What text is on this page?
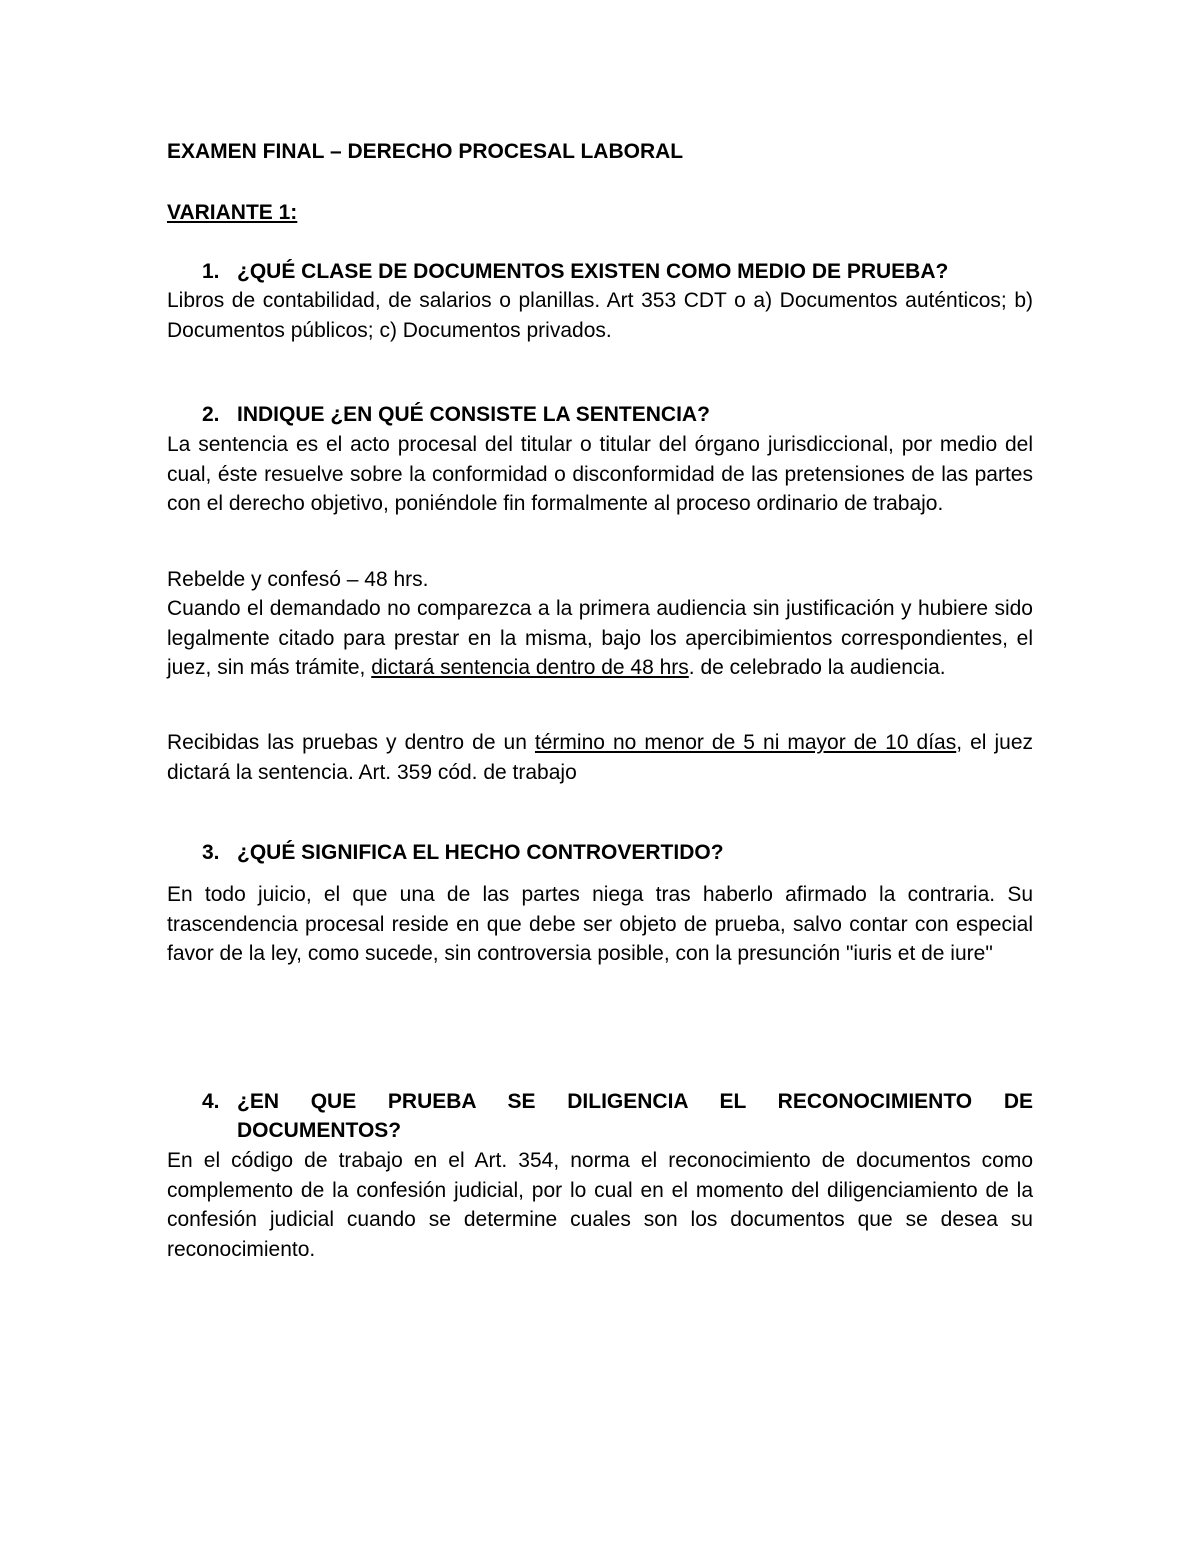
EXAMEN FINAL – DERECHO PROCESAL LABORAL
VARIANTE 1:
1. ¿QUÉ CLASE DE DOCUMENTOS EXISTEN COMO MEDIO DE PRUEBA?
Libros de contabilidad, de salarios o planillas. Art 353 CDT o a) Documentos auténticos; b) Documentos públicos; c) Documentos privados.
2. INDIQUE ¿EN QUÉ CONSISTE LA SENTENCIA?
La sentencia es el acto procesal del titular o titular del órgano jurisdiccional, por medio del cual, éste resuelve sobre la conformidad o disconformidad de las pretensiones de las partes con el derecho objetivo, poniéndole fin formalmente al proceso ordinario de trabajo.
Rebelde y confesó – 48 hrs.
Cuando el demandado no comparezca a la primera audiencia sin justificación y hubiere sido legalmente citado para prestar en la misma, bajo los apercibimientos correspondientes, el juez, sin más trámite, dictará sentencia dentro de 48 hrs. de celebrado la audiencia.
Recibidas las pruebas y dentro de un término no menor de 5 ni mayor de 10 días, el juez dictará la sentencia. Art. 359 cód. de trabajo
3. ¿QUÉ SIGNIFICA EL HECHO CONTROVERTIDO?
En todo juicio, el que una de las partes niega tras haberlo afirmado la contraria. Su trascendencia procesal reside en que debe ser objeto de prueba, salvo contar con especial favor de la ley, como sucede, sin controversia posible, con la presunción "iuris et de iure"
4. ¿EN QUE PRUEBA SE DILIGENCIA EL RECONOCIMIENTO DE
DOCUMENTOS?
En el código de trabajo en el Art. 354, norma el reconocimiento de documentos como complemento de la confesión judicial, por lo cual en el momento del diligenciamiento de la confesión judicial cuando se determine cuales son los documentos que se desea su reconocimiento.
